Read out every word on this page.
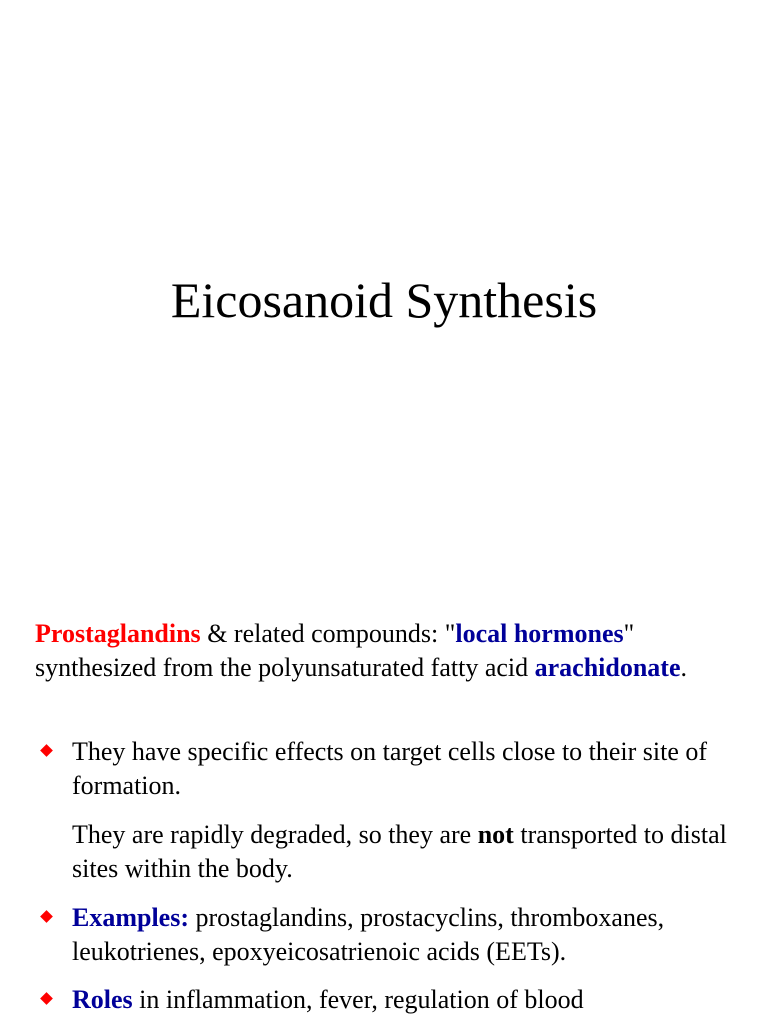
Eicosanoid Synthesis

Prostaglandins & related compounds: "local hormones" synthesized from the polyunsaturated fatty acid arachidonate.

They have specific effects on target cells close to their site of formation.

They are rapidly degraded, so they are not transported to distal sites within the body.

Examples: prostaglandins, prostacyclins, thromboxanes, leukotrienes, epoxyeicosatrienoic acids (EETs).

Roles in inflammation, fever, regulation of blood
